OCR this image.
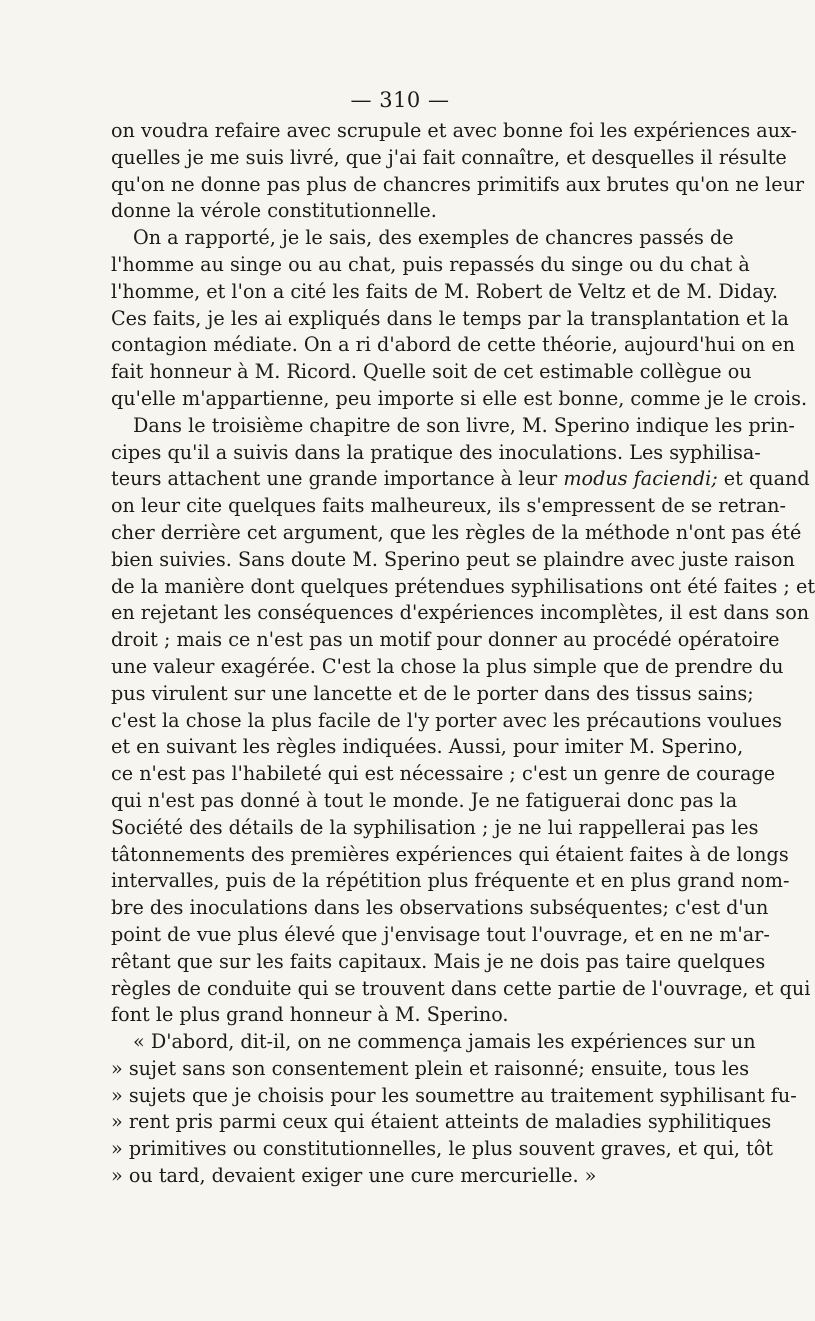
— 310 —
on voudra refaire avec scrupule et avec bonne foi les expériences aux-
quelles je me suis livré, que j'ai fait connaître, et desquelles il résulte
qu'on ne donne pas plus de chancres primitifs aux brutes qu'on ne leur
donne la vérole constitutionnelle.
On a rapporté, je le sais, des exemples de chancres passés de
l'homme au singe ou au chat, puis repassés du singe ou du chat à
l'homme, et l'on a cité les faits de M. Robert de Veltz et de M. Diday.
Ces faits, je les ai expliqués dans le temps par la transplantation et la
contagion médiate. On a ri d'abord de cette théorie, aujourd'hui on en
fait honneur à M. Ricord. Quelle soit de cet estimable collègue ou
qu'elle m'appartienne, peu importe si elle est bonne, comme je le crois.
Dans le troisième chapitre de son livre, M. Sperino indique les prin-
cipes qu'il a suivis dans la pratique des inoculations. Les syphilisa-
teurs attachent une grande importance à leur modus faciendi; et quand
on leur cite quelques faits malheureux, ils s'empressent de se retran-
cher derrière cet argument, que les règles de la méthode n'ont pas été
bien suivies. Sans doute M. Sperino peut se plaindre avec juste raison
de la manière dont quelques prétendues syphilisations ont été faites ; et
en rejetant les conséquences d'expériences incomplètes, il est dans son
droit ; mais ce n'est pas un motif pour donner au procédé opératoire
une valeur exagérée. C'est la chose la plus simple que de prendre du
pus virulent sur une lancette et de le porter dans des tissus sains;
c'est la chose la plus facile de l'y porter avec les précautions voulues
et en suivant les règles indiquées. Aussi, pour imiter M. Sperino,
ce n'est pas l'habileté qui est nécessaire ; c'est un genre de courage
qui n'est pas donné à tout le monde. Je ne fatiguerai donc pas la
Société des détails de la syphilisation ; je ne lui rappellerai pas les
tâtonnements des premières expériences qui étaient faites à de longs
intervalles, puis de la répétition plus fréquente et en plus grand nom-
bre des inoculations dans les observations subséquentes; c'est d'un
point de vue plus élevé que j'envisage tout l'ouvrage, et en ne m'ar-
rêtant que sur les faits capitaux. Mais je ne dois pas taire quelques
règles de conduite qui se trouvent dans cette partie de l'ouvrage, et qui
font le plus grand honneur à M. Sperino.
« D'abord, dit-il, on ne commença jamais les expériences sur un
» sujet sans son consentement plein et raisonné; ensuite, tous les
» sujets que je choisis pour les soumettre au traitement syphilisant fu-
» rent pris parmi ceux qui étaient atteints de maladies syphilitiques
» primitives ou constitutionnelles, le plus souvent graves, et qui, tôt
» ou tard, devaient exiger une cure mercurielle. »
